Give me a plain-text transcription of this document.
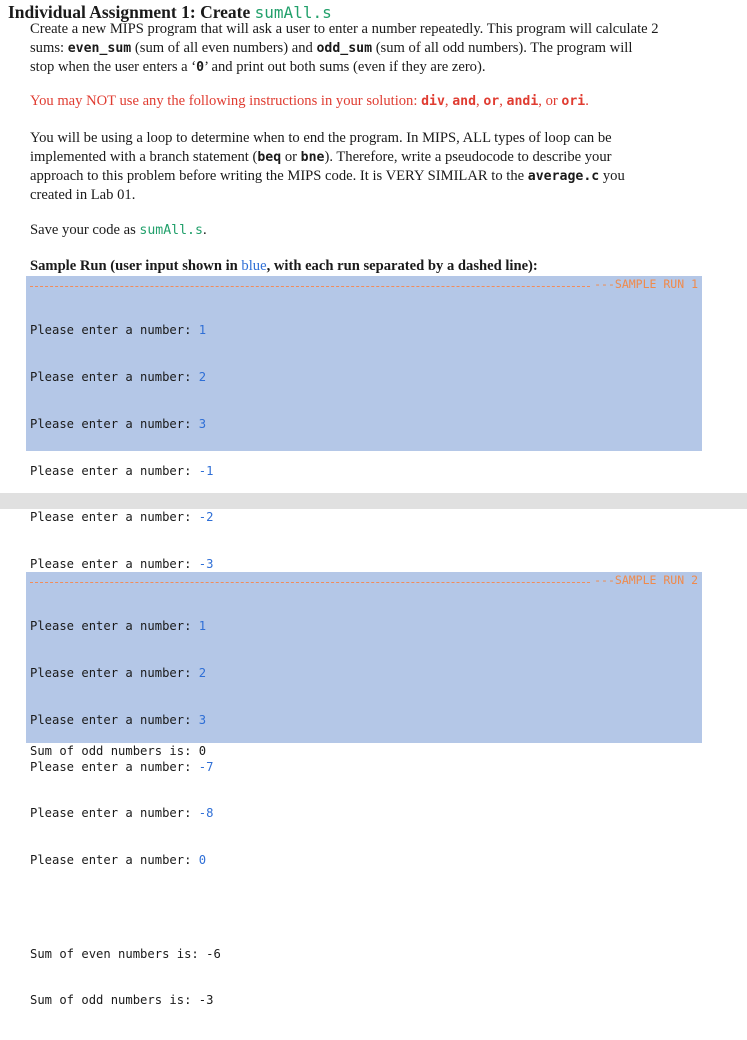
Individual Assignment 1: Create sumAll.s
Create a new MIPS program that will ask a user to enter a number repeatedly. This program will calculate 2
sums: even_sum (sum of all even numbers) and odd_sum (sum of all odd numbers). The program will
stop when the user enters a ‘0’ and print out both sums (even if they are zero).
You may NOT use any the following instructions in your solution: div, and, or, andi, or ori.
You will be using a loop to determine when to end the program. In MIPS, ALL types of loop can be
implemented with a branch statement (beq or bne). Therefore, write a pseudocode to describe your
approach to this problem before writing the MIPS code. It is VERY SIMILAR to the average.c you
created in Lab 01.
Save your code as sumAll.s.
Sample Run (user input shown in blue, with each run separated by a dashed line):
--- SAMPLE RUN 1

Please enter a number: 1

Please enter a number: 2

Please enter a number: 3

Please enter a number: -1

Please enter a number: -2

Please enter a number: -3

Sum of odd numbers is: 0

--- SAMPLE RUN 2

Please enter a number: 1

Please enter a number: 2

Please enter a number: 3

Please enter a number: -7

Please enter a number: -8

Please enter a number: 0

Sum of even numbers is: -6

Sum of odd numbers is: -3
